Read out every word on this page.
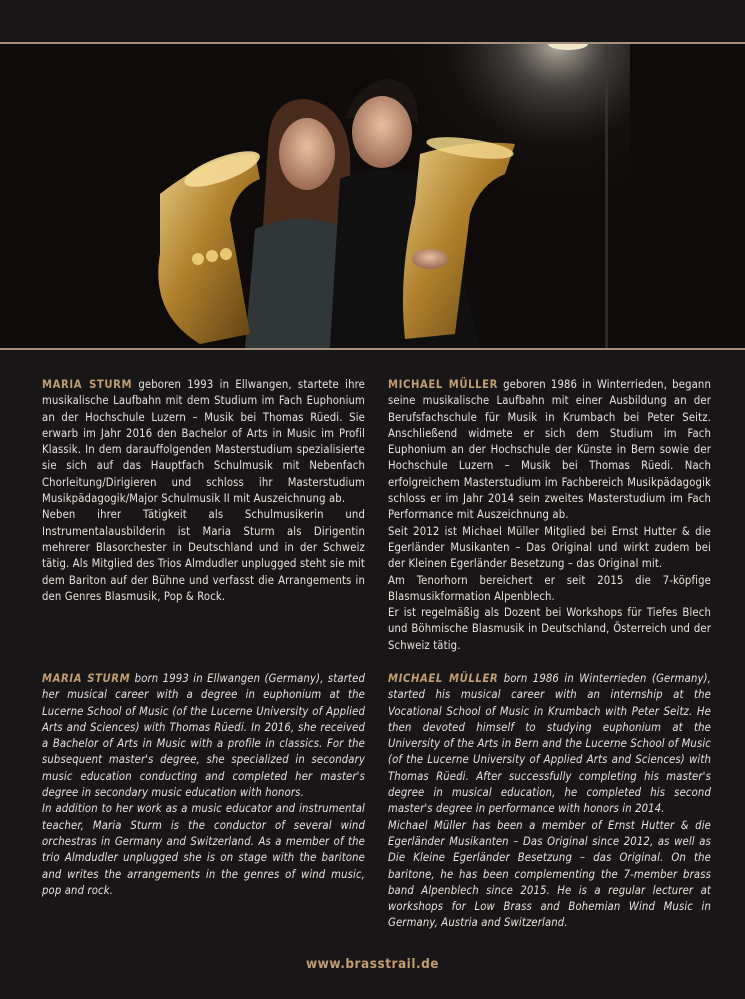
MARIA STURM geboren 1993 in Ellwangen, startete ihre musikalische Laufbahn mit dem Studium im Fach Euphonium an der Hochschule Luzern – Musik bei Thomas Rüedi. Sie erwarb im Jahr 2016 den Bachelor of Arts in Music im Profil Klassik. In dem darauffolgenden Masterstudium spezialisierte sie sich auf das Hauptfach Schulmusik mit Nebenfach Chorleitung/Dirigieren und schloss ihr Masterstudium Musikpädagogik/Major Schulmusik II mit Auszeichnung ab.

Neben ihrer Tätigkeit als Schulmusikerin und Instrumentalausbilderin ist Maria Sturm als Dirigentin mehrerer Blasorchester in Deutschland und in der Schweiz tätig. Als Mitglied des Trios Almdudler unplugged steht sie mit dem Bariton auf der Bühne und verfasst die Arrangements in den Genres Blasmusik, Pop & Rock.

MICHAEL MÜLLER geboren 1986 in Winterrieden, begann seine musikalische Laufbahn mit einer Ausbildung an der Berufsfachschule für Musik in Krumbach bei Peter Seitz. Anschließend widmete er sich dem Studium im Fach Euphonium an der Hochschule der Künste in Bern sowie der Hochschule Luzern – Musik bei Thomas Rüedi. Nach erfolgreichem Masterstudium im Fachbereich Musikpädagogik schloss er im Jahr 2014 sein zweites Masterstudium im Fach Performance mit Auszeichnung ab.

Seit 2012 ist Michael Müller Mitglied bei Ernst Hutter & die Egerländer Musikanten – Das Original und wirkt zudem bei der Kleinen Egerländer Besetzung – das Original mit.

Am Tenorhorn bereichert er seit 2015 die 7-köpfige Blasmusikformation Alpenblech.

Er ist regelmäßig als Dozent bei Workshops für Tiefes Blech und Böhmische Blasmusik in Deutschland, Österreich und der Schweiz tätig.

MARIA STURM born 1993 in Ellwangen (Germany), started her musical career with a degree in euphonium at the Lucerne School of Music (of the Lucerne University of Applied Arts and Sciences) with Thomas Rüedi. In 2016, she received a Bachelor of Arts in Music with a profile in classics. For the subsequent master's degree, she specialized in secondary music education conducting and completed her master's degree in secondary music education with honors.

In addition to her work as a music educator and instrumental teacher, Maria Sturm is the conductor of several wind orchestras in Germany and Switzerland. As a member of the trio Almdudler unplugged she is on stage with the baritone and writes the arrangements in the genres of wind music, pop and rock.

MICHAEL MÜLLER born 1986 in Winterrieden (Germany), started his musical career with an internship at the Vocational School of Music in Krumbach with Peter Seitz. He then devoted himself to studying euphonium at the University of the Arts in Bern and the Lucerne School of Music (of the Lucerne University of Applied Arts and Sciences) with Thomas Rüedi. After successfully completing his master's degree in musical education, he completed his second master's degree in performance with honors in 2014.

Michael Müller has been a member of Ernst Hutter & die Egerländer Musikanten – Das Original since 2012, as well as Die Kleine Egerländer Besetzung – das Original. On the baritone, he has been complementing the 7-member brass band Alpenblech since 2015. He is a regular lecturer at workshops for Low Brass and Bohemian Wind Music in Germany, Austria and Switzerland.

www.brasstrail.de
